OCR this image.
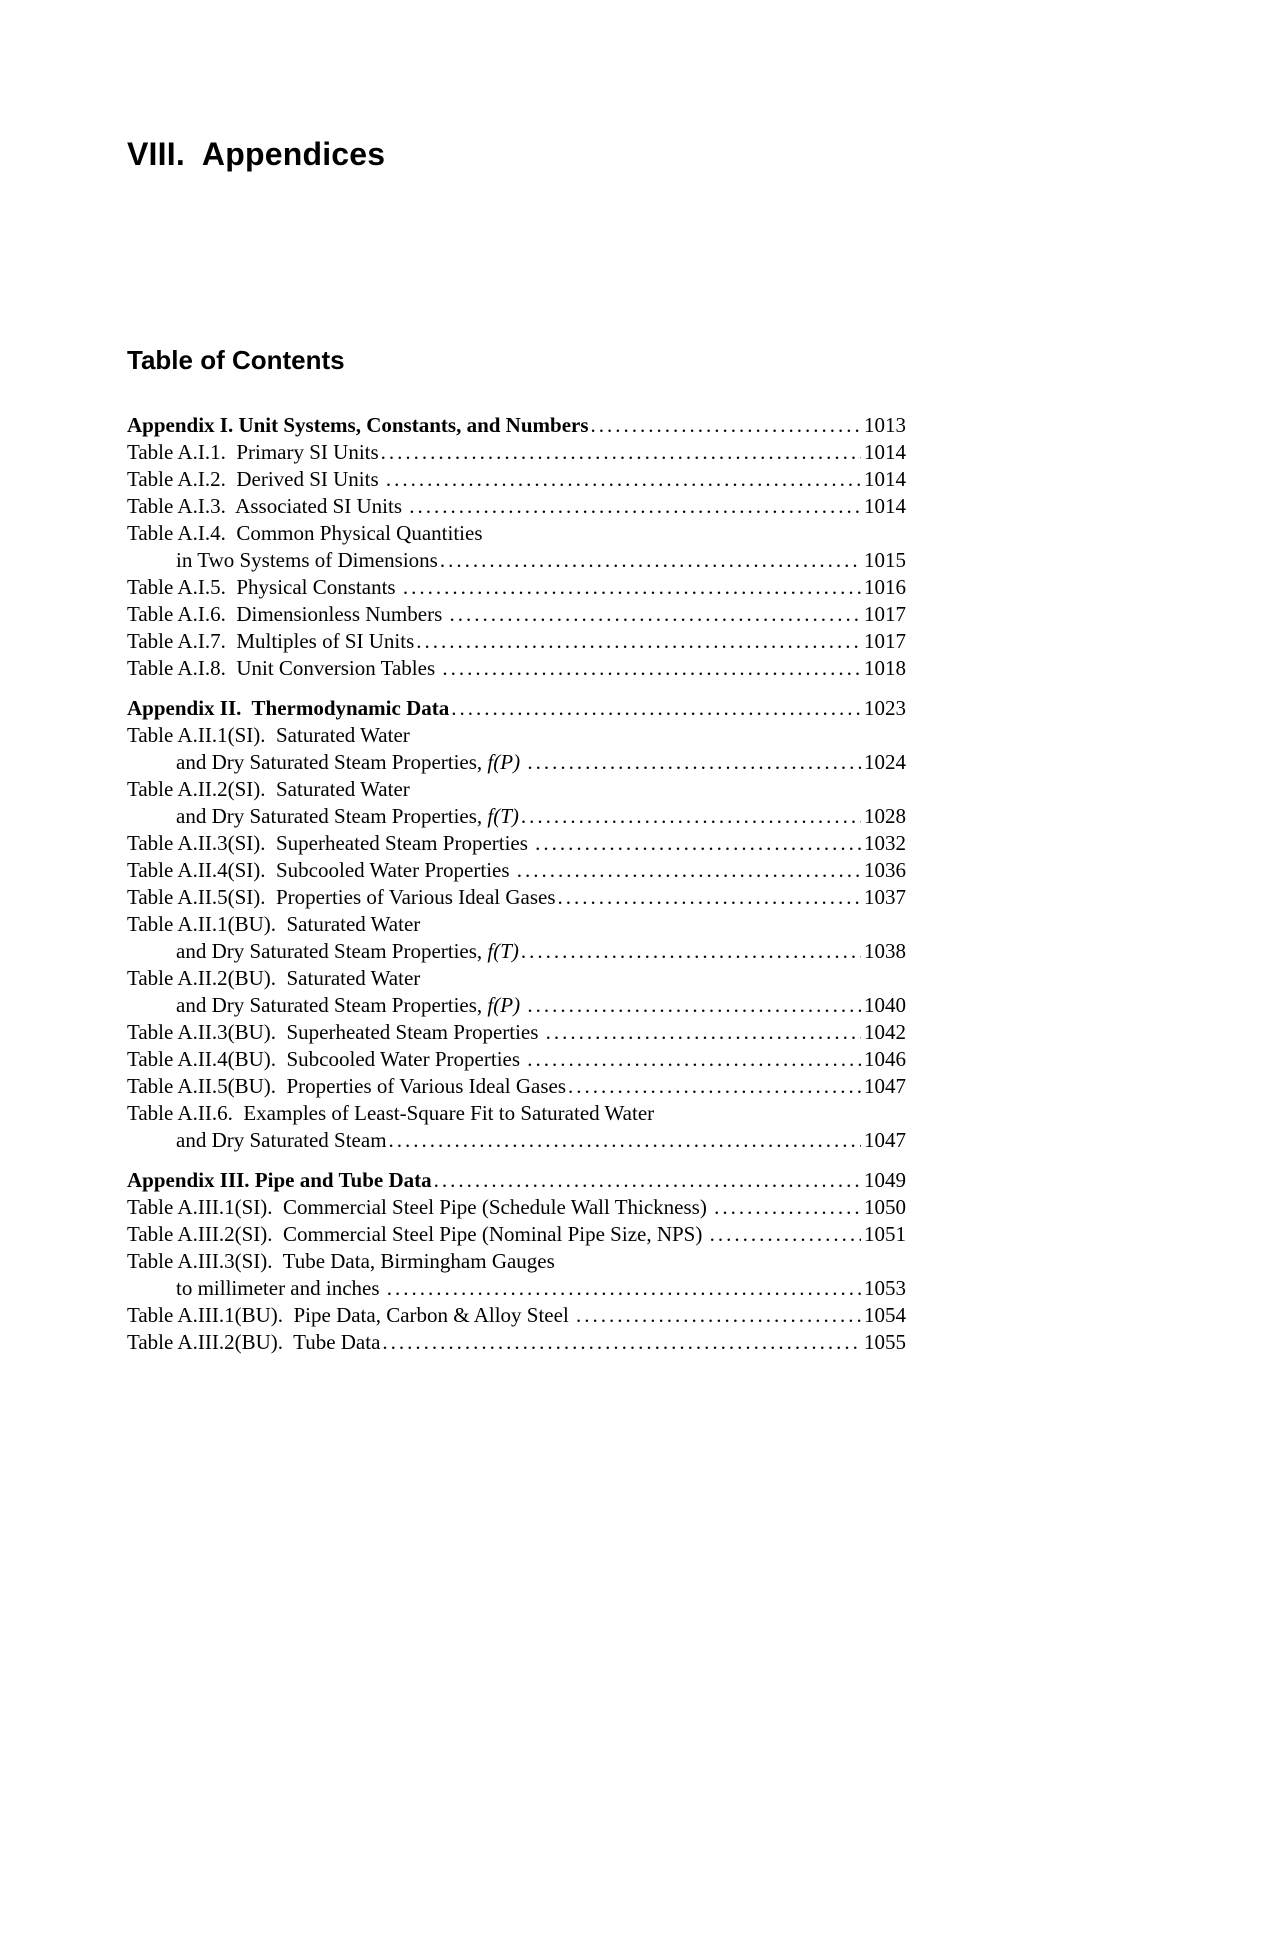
VIII.  Appendices
Table of Contents
Appendix I. Unit Systems, Constants, and Numbers .....	1013
Table A.I.1.  Primary SI Units .....	1014
Table A.I.2.  Derived SI Units .....	1014
Table A.I.3.  Associated SI Units .....	1014
Table A.I.4.  Common Physical Quantities
in Two Systems of Dimensions .....	1015
Table A.I.5.  Physical Constants .....	1016
Table A.I.6.  Dimensionless Numbers .....	1017
Table A.I.7.  Multiples of SI Units .....	1017
Table A.I.8.  Unit Conversion Tables .....	1018
Appendix II.  Thermodynamic Data .....	1023
Table A.II.1(SI).  Saturated Water
and Dry Saturated Steam Properties, f(P) .....	1024
Table A.II.2(SI).  Saturated Water
and Dry Saturated Steam Properties, f(T) .....	1028
Table A.II.3(SI).  Superheated Steam Properties .....	1032
Table A.II.4(SI).  Subcooled Water Properties .....	1036
Table A.II.5(SI).  Properties of Various Ideal Gases .....	1037
Table A.II.1(BU).  Saturated Water
and Dry Saturated Steam Properties, f(T) .....	1038
Table A.II.2(BU).  Saturated Water
and Dry Saturated Steam Properties, f(P) .....	1040
Table A.II.3(BU).  Superheated Steam Properties .....	1042
Table A.II.4(BU).  Subcooled Water Properties .....	1046
Table A.II.5(BU).  Properties of Various Ideal Gases .....	1047
Table A.II.6.  Examples of Least-Square Fit to Saturated Water
and Dry Saturated Steam .....	1047
Appendix III. Pipe and Tube Data .....	1049
Table A.III.1(SI).  Commercial Steel Pipe (Schedule Wall Thickness) .....	1050
Table A.III.2(SI).  Commercial Steel Pipe (Nominal Pipe Size, NPS) .....	1051
Table A.III.3(SI).  Tube Data, Birmingham Gauges
to millimeter and inches .....	1053
Table A.III.1(BU).  Pipe Data, Carbon & Alloy Steel .....	1054
Table A.III.2(BU).  Tube Data .....	1055
